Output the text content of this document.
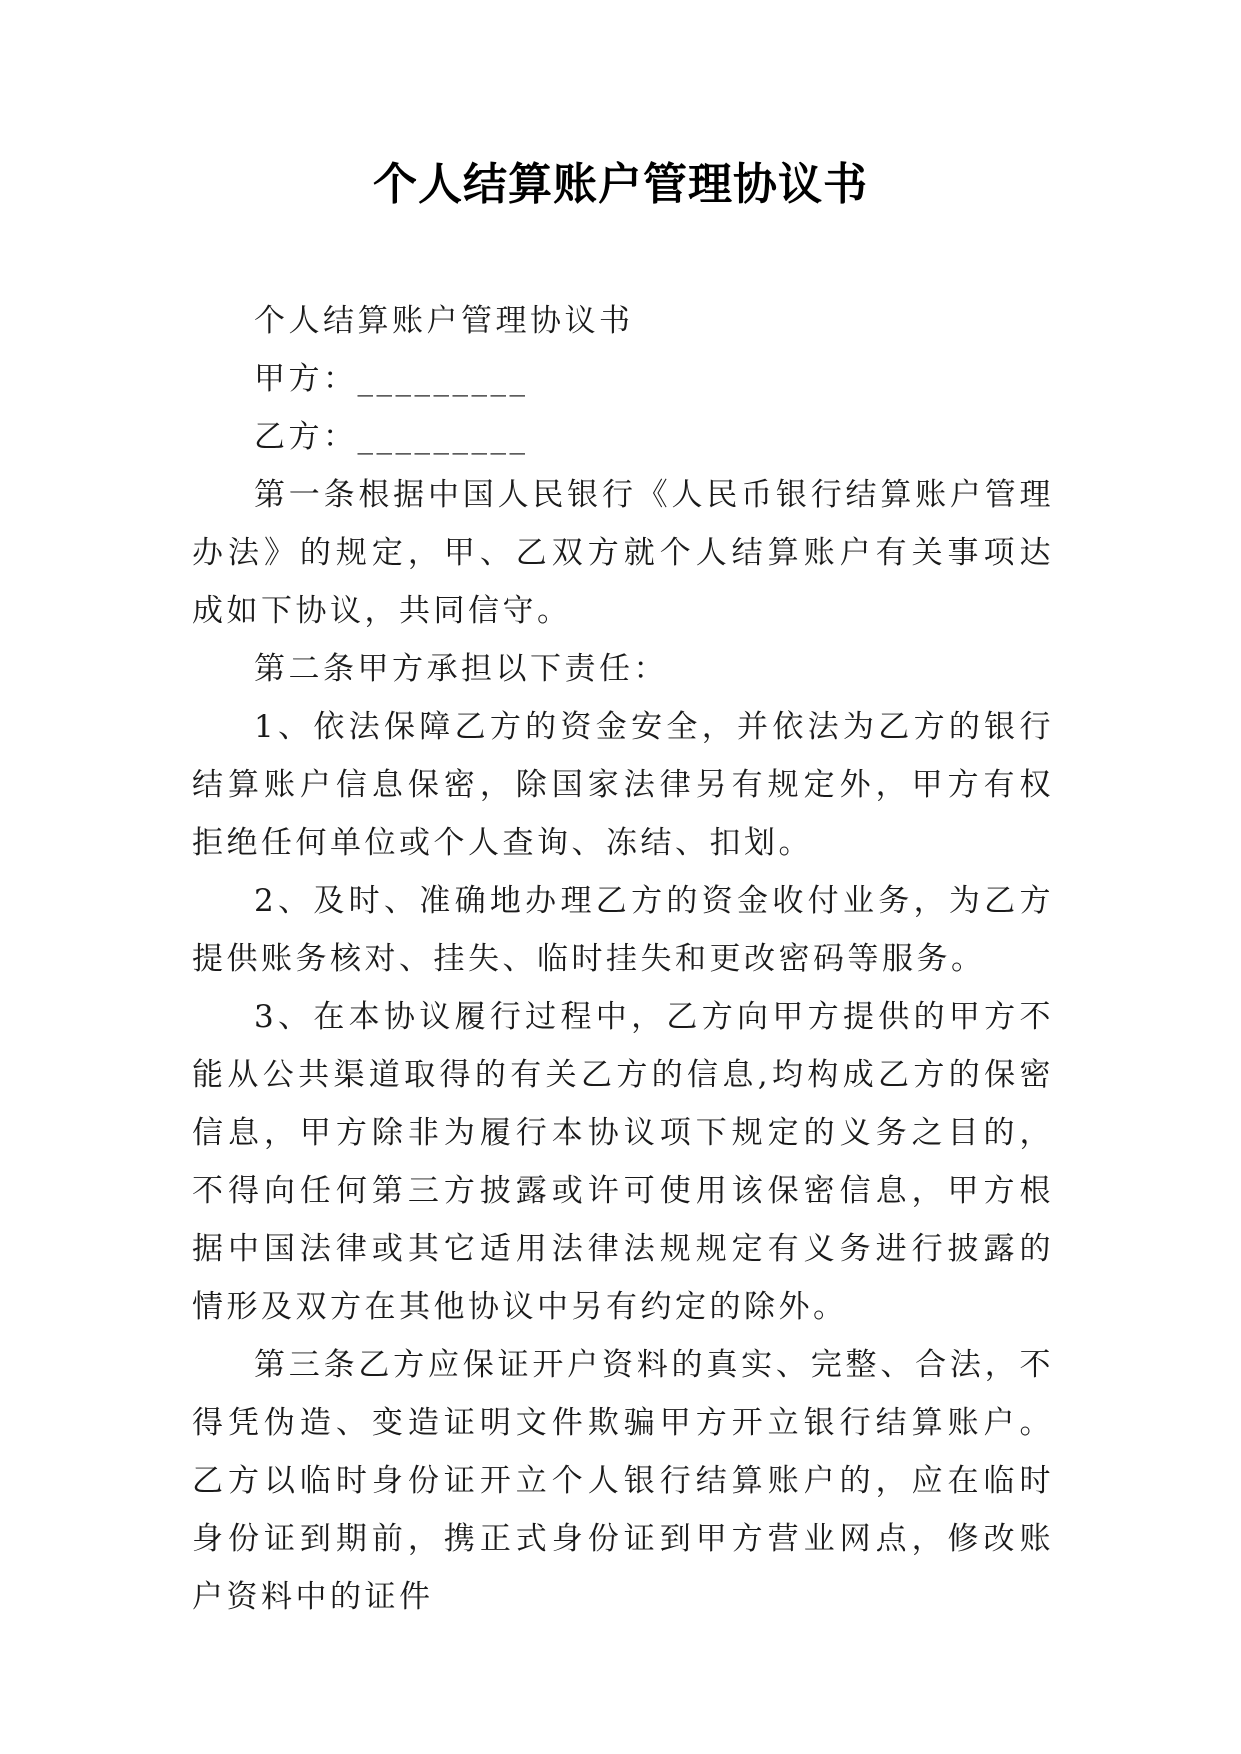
个人结算账户管理协议书

个人结算账户管理协议书

甲方：_________

乙方：_________

第一条根据中国人民银行《人民币银行结算账户管理办法》的规定，甲、乙双方就个人结算账户有关事项达成如下协议，共同信守。

第二条甲方承担以下责任：

1、依法保障乙方的资金安全，并依法为乙方的银行结算账户信息保密，除国家法律另有规定外，甲方有权拒绝任何单位或个人查询、冻结、扣划。

2、及时、准确地办理乙方的资金收付业务，为乙方提供账务核对、挂失、临时挂失和更改密码等服务。

3、在本协议履行过程中，乙方向甲方提供的甲方不能从公共渠道取得的有关乙方的信息,均构成乙方的保密信息，甲方除非为履行本协议项下规定的义务之目的，不得向任何第三方披露或许可使用该保密信息，甲方根据中国法律或其它适用法律法规规定有义务进行披露的情形及双方在其他协议中另有约定的除外。

第三条乙方应保证开户资料的真实、完整、合法，不得凭伪造、变造证明文件欺骗甲方开立银行结算账户。乙方以临时身份证开立个人银行结算账户的，应在临时身份证到期前，携正式身份证到甲方营业网点，修改账户资料中的证件
